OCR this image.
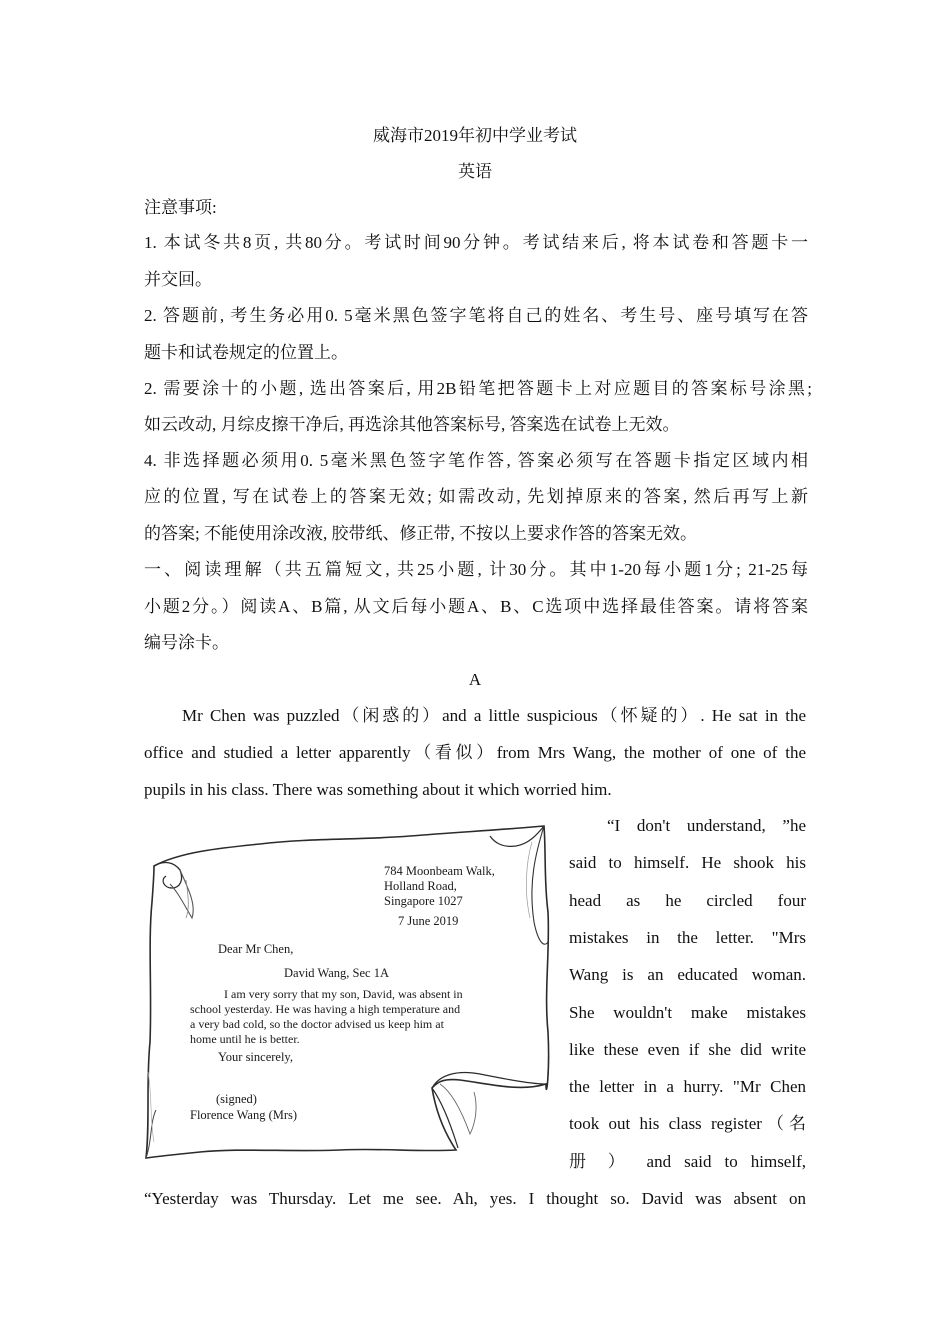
威海市2019年初中学业考试
英语
注意事项:
1. 本试冬共8页, 共80分。考试时间90分钟。考试结来后, 将本试卷和答题卡一
并交回。
2. 答题前, 考生务必用0. 5毫米黑色签字笔将自己的姓名、考生号、座号填写在答
题卡和试卷规定的位置上。
2. 需要涂十的小题, 选出答案后, 用2B铅笔把答题卡上对应题目的答案标号涂黑;
如云改动, 月综皮擦干净后, 再选涂其他答案标号, 答案选在试卷上无效。
4. 非选择题必须用0. 5毫米黑色签字笔作答, 答案必须写在答题卡指定区域内相
应的位置, 写在试卷上的答案无效; 如需改动, 先划掉原来的答案, 然后再写上新
的答案; 不能使用涂改液, 胶带纸、修正带, 不按以上要求作答的答案无效。
一、阅读理解（共五篇短文, 共25小题, 计30分。其中1-20每小题1分; 21-25每
小题2分。）阅读A、B篇, 从文后每小题A、B、C选项中选择最佳答案。请将答案
编号涂卡。
A
Mr Chen was puzzled（闲惑的）and a little suspicious（怀疑的）. He sat in the
office and studied a letter apparently（看似）from Mrs Wang, the mother of one of the
pupils in his class. There was something about it which worried him.
“I don't understand, ”he
said to himself. He shook his
head as he circled four
mistakes in the letter. "Mrs
Wang is an educated woman.
She wouldn't make mistakes
like these even if she did write
the letter in a hurry. "Mr Chen
took out his class register（名
册 ） and said to himself,
“Yesterday was Thursday. Let me see. Ah, yes. I thought so. David was absent on
784 Moonbeam Walk,
Holland Road,
Singapore 1027
7 June 2019
Dear Mr Chen,
David Wang, Sec 1A
I am very sorry that my son, David, was absent in
school yesterday. He was having a high temperature and
a very bad cold, so the doctor advised us keep him at
home until he is better.
Your sincerely,
(signed)
Florence Wang (Mrs)
